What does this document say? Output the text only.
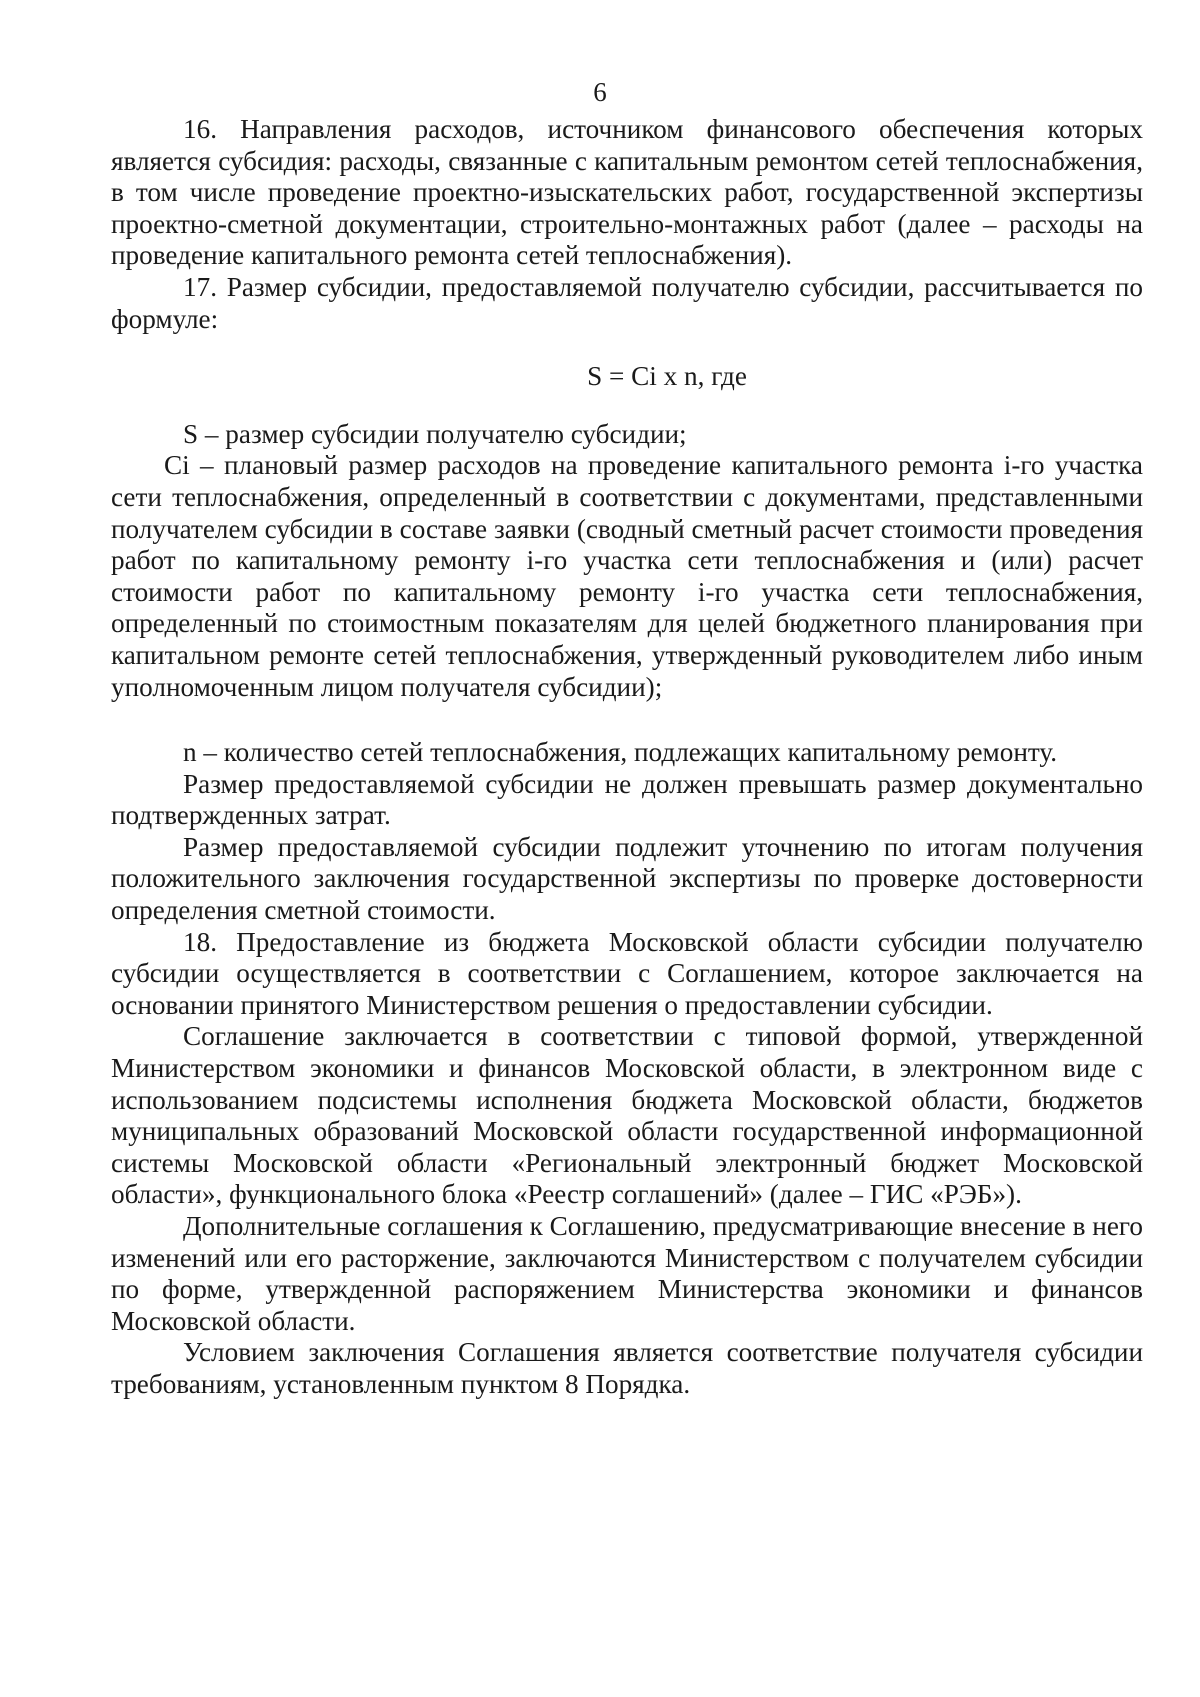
6

16. Направления расходов, источником финансового обеспечения которых является субсидия: расходы, связанные с капитальным ремонтом сетей теплоснабжения, в том числе проведение проектно-изыскательских работ, государственной экспертизы проектно-сметной документации, строительно-монтажных работ (далее – расходы на проведение капитального ремонта сетей теплоснабжения).

17. Размер субсидии, предоставляемой получателю субсидии, рассчитывается по формуле:

S = Ci x n, где

S – размер субсидии получателю субсидии;

Ci – плановый размер расходов на проведение капитального ремонта i-го участка сети теплоснабжения, определенный в соответствии с документами, представленными получателем субсидии в составе заявки (сводный сметный расчет стоимости проведения работ по капитальному ремонту i-го участка сети теплоснабжения и (или) расчет стоимости работ по капитальному ремонту i-го участка сети теплоснабжения, определенный по стоимостным показателям для целей бюджетного планирования при капитальном ремонте сетей теплоснабжения, утвержденный руководителем либо иным уполномоченным лицом получателя субсидии);

n – количество сетей теплоснабжения, подлежащих капитальному ремонту.

Размер предоставляемой субсидии не должен превышать размер документально подтвержденных затрат.

Размер предоставляемой субсидии подлежит уточнению по итогам получения положительного заключения государственной экспертизы по проверке достоверности определения сметной стоимости.

18. Предоставление из бюджета Московской области субсидии получателю субсидии осуществляется в соответствии с Соглашением, которое заключается на основании принятого Министерством решения о предоставлении субсидии.

Соглашение заключается в соответствии с типовой формой, утвержденной Министерством экономики и финансов Московской области, в электронном виде с использованием подсистемы исполнения бюджета Московской области, бюджетов муниципальных образований Московской области государственной информационной системы Московской области «Региональный электронный бюджет Московской области», функционального блока «Реестр соглашений» (далее – ГИС «РЭБ»).

Дополнительные соглашения к Соглашению, предусматривающие внесение в него изменений или его расторжение, заключаются Министерством с получателем субсидии по форме, утвержденной распоряжением Министерства экономики и финансов Московской области.

Условием заключения Соглашения является соответствие получателя субсидии требованиям, установленным пунктом 8 Порядка.
